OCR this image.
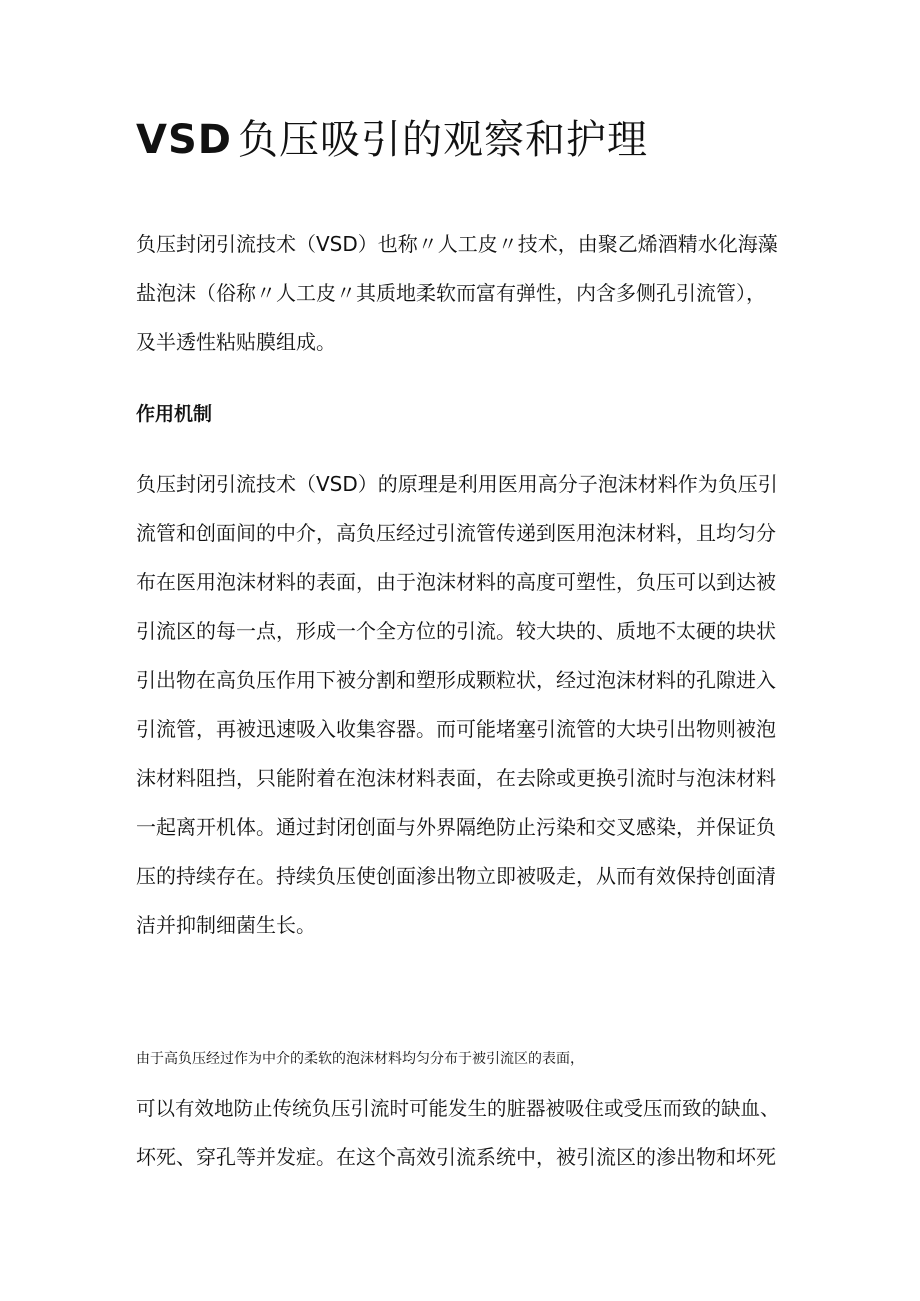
VSD 负压吸引的观察和护理
负压封闭引流技术（VSD）也称〃人工皮〃技术，由聚乙烯酒精水化海藻
盐泡沫（俗称〃人工皮〃其质地柔软而富有弹性，内含多侧孔引流管），
及半透性粘贴膜组成。
作用机制
负压封闭引流技术（VSD）的原理是利用医用高分子泡沫材料作为负压引
流管和创面间的中介，高负压经过引流管传递到医用泡沫材料，且均匀分
布在医用泡沫材料的表面，由于泡沫材料的高度可塑性，负压可以到达被
引流区的每一点，形成一个全方位的引流。较大块的、质地不太硬的块状
引出物在高负压作用下被分割和塑形成颗粒状，经过泡沫材料的孔隙进入
引流管，再被迅速吸入收集容器。而可能堵塞引流管的大块引出物则被泡
沫材料阻挡，只能附着在泡沫材料表面，在去除或更换引流时与泡沫材料
一起离开机体。通过封闭创面与外界隔绝防止污染和交叉感染，并保证负
压的持续存在。持续负压使创面渗出物立即被吸走，从而有效保持创面清
洁并抑制细菌生长。
由于高负压经过作为中介的柔软的泡沫材料均匀分布于被引流区的表面，
可以有效地防止传统负压引流时可能发生的脏器被吸住或受压而致的缺血、
坏死、穿孔等并发症。在这个高效引流系统中，被引流区的渗出物和坏死
